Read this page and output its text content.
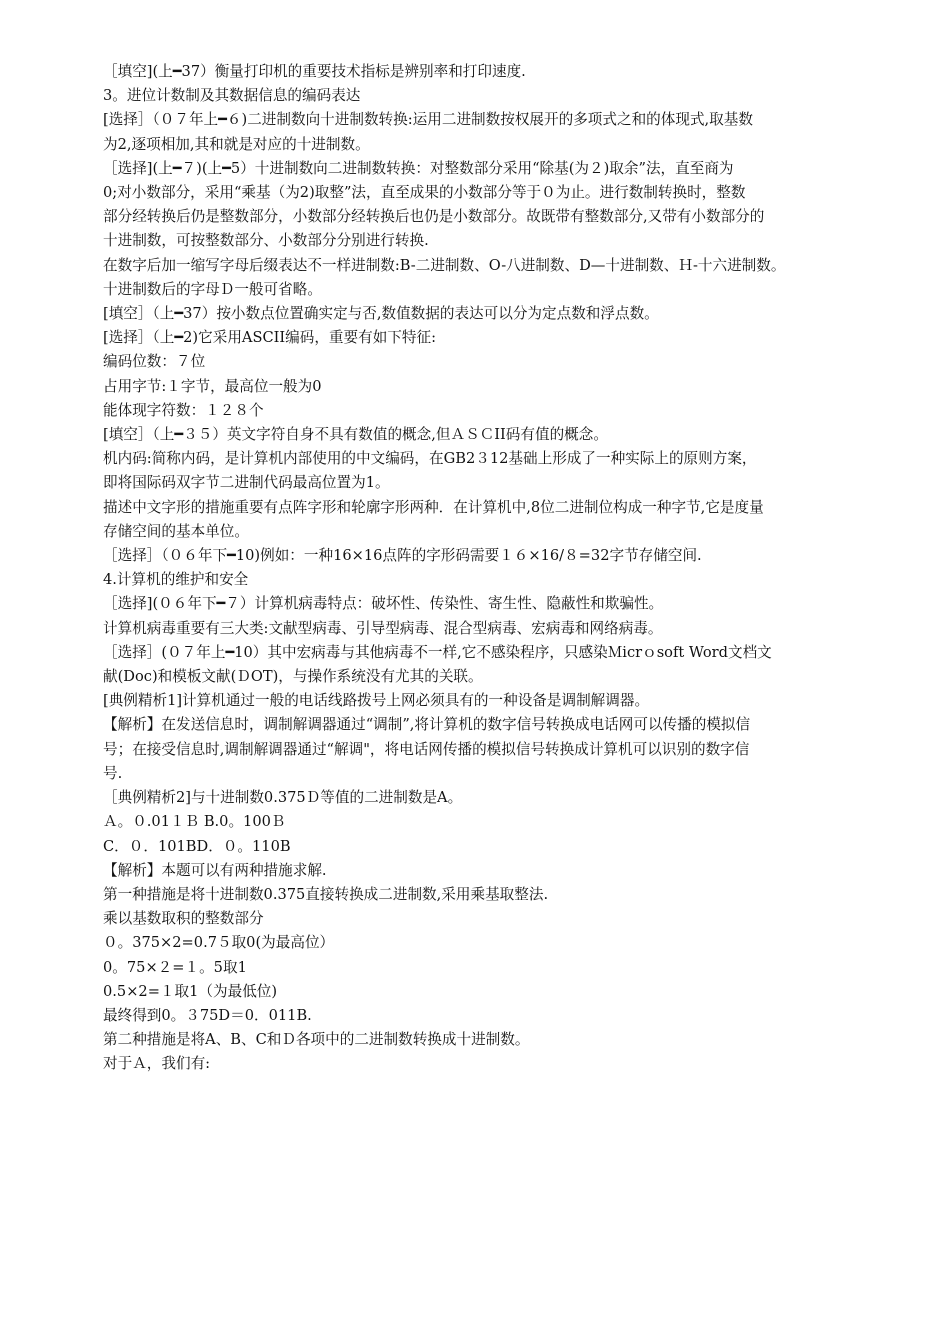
［填空](上━37）衡量打印机的重要技术指标是辨别率和打印速度.

3。进位计数制及其数据信息的编码表达

[选择］（０７年上━６)二进制数向十进制数转换:运用二进制数按权展开的多项式之和的体现式,取基数

为2,逐项相加,其和就是对应的十进制数。

［选择](上━７)(上━5）十进制数向二进制数转换：对整数部分采用“除基(为２)取余”法，直至商为

0;对小数部分，采用“乘基（为2)取整”法，直至成果的小数部分等于０为止。进行数制转换时，整数

部分经转换后仍是整数部分，小数部分经转换后也仍是小数部分。故既带有整数部分,又带有小数部分的

十进制数，可按整数部分、小数部分分别进行转换.

在数字后加一缩写字母后缀表达不一样进制数:B-二进制数、O-八进制数、D—十进制数、Ｈ-十六进制数。

十进制数后的字母Ｄ一般可省略。

[填空］（上━37）按小数点位置确实定与否,数值数据的表达可以分为定点数和浮点数。

[选择］（上━2)它采用ASCII编码，重要有如下特征:

编码位数：７位

占用字节:１字节，最高位一般为0

能体现字符数：１２８个

[填空］（上━３５）英文字符自身不具有数值的概念,但ＡＳＣII码有值的概念。

机内码:简称内码，是计算机内部使用的中文编码，在GB2３12基础上形成了一种实际上的原则方案，

即将国际码双字节二进制代码最高位置为1。

描述中文字形的措施重要有点阵字形和轮廓字形两种．在计算机中,8位二进制位构成一种字节,它是度量

存储空间的基本单位。

［选择］（０６年下━10)例如：一种16×16点阵的字形码需要１６×16/８=32字节存储空间.

4.计算机的维护和安全

［选择](０６年下━７）计算机病毒特点：破坏性、传染性、寄生性、隐蔽性和欺骗性。

计算机病毒重要有三大类:文献型病毒、引导型病毒、混合型病毒、宏病毒和网络病毒。

［选择］(０７年上━10）其中宏病毒与其他病毒不一样,它不感染程序，只感染Ｍicrｏsoft Word文档文

献(Doc)和模板文献(ＤOT)，与操作系统没有尤其的关联。

[典例精析1]计算机通过一般的电话线路拨号上网必须具有的一种设备是调制解调器。

【解析】在发送信息时，调制解调器通过“调制”,将计算机的数字信号转换成电话网可以传播的模拟信

号；在接受信息时,调制解调器通过“解调"，将电话网传播的模拟信号转换成计算机可以识别的数字信

号.

［典例精析2]与十进制数0.375Ｄ等值的二进制数是A。

Ａ。０.01１Ｂ B.0。100Ｂ

C．０．101BD．０。110B

【解析】本题可以有两种措施求解.

第一种措施是将十进制数0.375直接转换成二进制数,采用乘基取整法.

乘以基数取积的整数部分

０。375×2=0.7５取0(为最高位）

0。75×２=１。5取1

0.5×2=１取1（为最低位)

最终得到0。３75D＝0．011B.

第二种措施是将A、B、C和Ｄ各项中的二进制数转换成十进制数。

对于Ａ，我们有:
